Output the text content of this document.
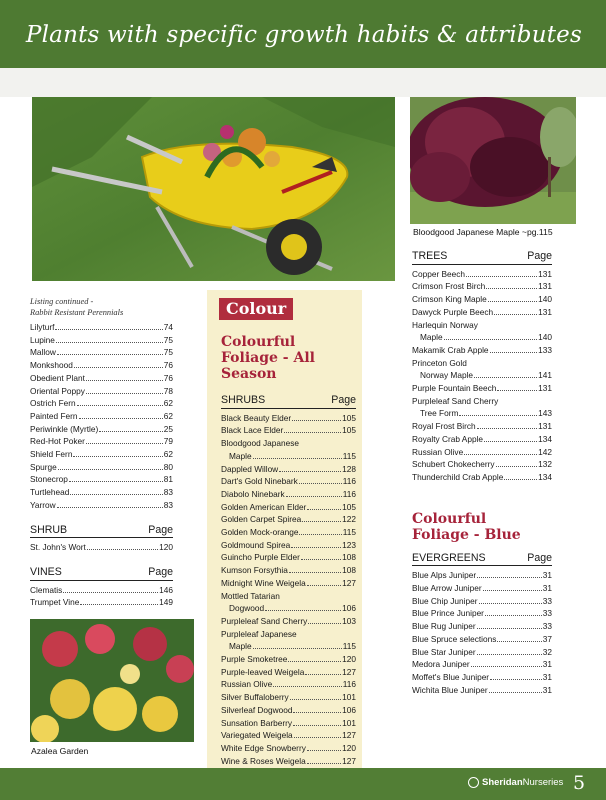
Plants with specific growth habits & attributes
Bloodgood Japanese Maple ~pg.115
Listing continued -
Rabbit Resistant Perennials
Lilyturf	74
Lupine	75
Mallow	75
Monkshood	76
Obedient Plant	76
Oriental Poppy	78
Ostrich Fern	62
Painted Fern	62
Periwinkle (Myrtle)	25
Red-Hot Poker	79
Shield Fern	62
Spurge	80
Stonecrop	81
Turtlehead	83
Yarrow	83
SHRUB	Page
St. John's Wort	120
VINES	Page
Clematis	146
Trumpet Vine	149
Azalea Garden
Colour
Colourful
Foliage - All Season
SHRUBS	Page
Black Beauty Elder	105
Black Lace Elder	105
Bloodgood Japanese
Maple	115
Dappled Willow	128
Dart's Gold Ninebark	116
Diabolo Ninebark	116
Golden American Elder	105
Golden Carpet Spirea	122
Golden Mock-orange	115
Goldmound Spirea	123
Guincho Purple Elder	108
Kumson Forsythia	108
Midnight Wine Weigela	127
Mottled Tatarian
Dogwood	106
Purpleleaf Sand Cherry	103
Purpleleaf Japanese
Maple	115
Purple Smoketree	120
Purple-leaved Weigela	127
Russian Olive	116
Silver Buffaloberry	101
Silverleaf Dogwood	106
Sunsation Barberry	101
Variegated Weigela	127
White Edge Snowberry	120
Wine & Roses Weigela	127
TREES	Page
Copper Beech	131
Crimson Frost Birch	131
Crimson King Maple	140
Dawyck Purple Beech	131
Harlequin Norway
Maple	140
Makamik Crab Apple	133
Princeton Gold
Norway Maple	141
Purple Fountain Beech	131
Purpleleaf Sand Cherry
Tree Form	143
Royal Frost Birch	131
Royalty Crab Apple	134
Russian Olive	142
Schubert Chokecherry	132
Thunderchild Crab Apple	134
Colourful
Foliage - Blue
EVERGREENS	Page
Blue Alps Juniper	31
Blue Arrow Juniper	31
Blue Chip Juniper	33
Blue Prince Juniper	33
Blue Rug Juniper	33
Blue Spruce selections	37
Blue Star Juniper	32
Medora Juniper	31
Moffet's Blue Juniper	31
Wichita Blue Juniper	31
Sheridan Nurseries 5
